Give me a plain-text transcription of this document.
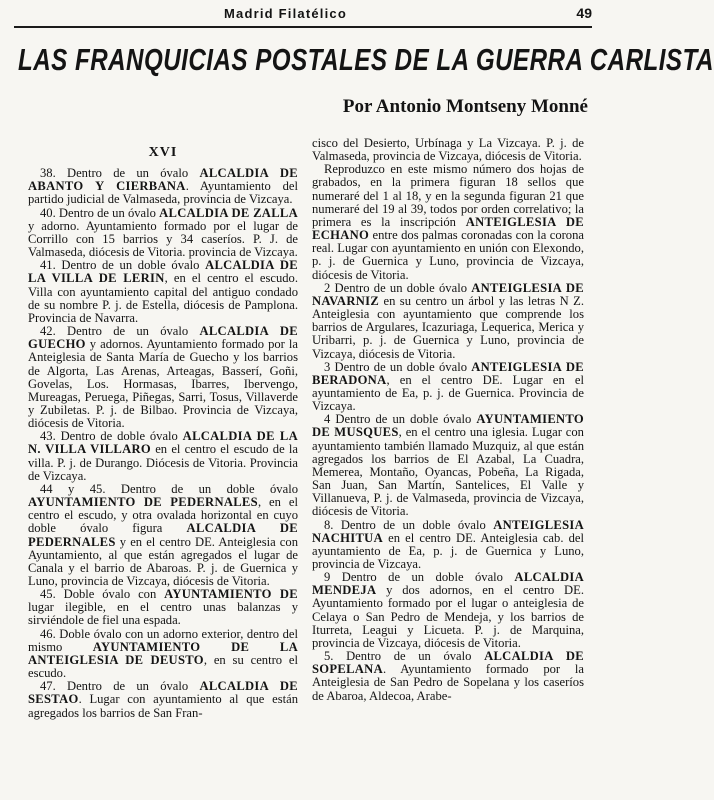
Madrid Filatélico	49
LAS FRANQUICIAS POSTALES DE LA GUERRA CARLISTA
Por Antonio Montseny Monné
XVI

38. Dentro de un óvalo ALCALDIA DE ABANTO Y CIERBANA. Ayuntamiento del partido judicial de Valmaseda, provincia de Vizcaya.

40. Dentro de un óvalo ALCALDIA DE ZALLA y adorno. Ayuntamiento formado por el lugar de Corrillo con 15 barrios y 34 caseríos. P. J. de Valmaseda, diócesis de Vitoria. provincia de Vizcaya.

41. Dentro de un doble óvalo ALCALDIA DE LA VILLA DE LERIN, en el centro el escudo. Villa con ayuntamiento capital del antiguo condado de su nombre P. j. de Estella, diócesis de Pamplona. Provincia de Navarra.

42. Dentro de un óvalo ALCALDIA DE GUECHO y adornos. Ayuntamiento formado por la Anteiglesia de Santa María de Guecho y los barrios de Algorta, Las Arenas, Arteagas, Basserí, Goñi, Govelas, Los. Hormasas, Ibarres, Ibervengo, Mureagas, Peruega, Piñegas, Sarri, Tosus, Villaverde y Zubiletas. P. j. de Bilbao. Provincia de Vizcaya, diócesis de Vitoria.

43. Dentro de doble óvalo ALCALDIA DE LA N. VILLA VILLARO en el centro el escudo de la villa. P. j. de Durango. Diócesis de Vitoria. Provincia de Vizcaya.

44 y 45. Dentro de un doble óvalo AYUNTAMIENTO DE PEDERNALES, en el centro el escudo, y otra ovalada horizontal en cuyo doble óvalo figura ALCALDIA DE PEDERNALES y en el centro DE. Anteiglesia con Ayuntamiento, al que están agregados el lugar de Canala y el barrio de Abaroas. P. j. de Guernica y Luno, provincia de Vizcaya, diócesis de Vitoria.

45. Doble óvalo con AYUNTAMIENTO DE lugar ilegible, en el centro unas balanzas y sirviéndole de fiel una espada.

46. Doble óvalo con un adorno exterior, dentro del mismo AYUNTAMIENTO DE LA ANTEIGLESIA DE DEUSTO, en su centro el escudo.

47. Dentro de un óvalo ALCALDIA DE SESTAO. Lugar con ayuntamiento al que están agregados los barrios de San Fran-

cisco del Desierto, Urbínaga y La Vizcaya. P. j. de Valmaseda, provincia de Vizcaya, diócesis de Vitoria.

Reproduzco en este mismo número dos hojas de grabados, en la primera figuran 18 sellos que numeraré del 1 al 18, y en la segunda figuran 21 que numeraré del 19 al 39, todos por orden correlativo; la primera es la inscripción ANTEIGLESIA DE ECHANO entre dos palmas coronadas con la corona real. Lugar con ayuntamiento en unión con Elexondo, p. j. de Guernica y Luno, provincia de Vizcaya, diócesis de Vitoria.

2 Dentro de un doble óvalo ANTEIGLESIA DE NAVARNIZ en su centro un árbol y las letras N Z. Anteiglesia con ayuntamiento que comprende los barrios de Argulares, Icazuriaga, Lequerica, Merica y Uribarri, p. j. de Guernica y Luno, provincia de Vizcaya, diócesis de Vitoria.

3 Dentro de un doble óvalo ANTEIGLESIA DE BERADONA, en el centro DE. Lugar en el ayuntamiento de Ea, p. j. de Guernica. Provincia de Vizcaya.

4 Dentro de un doble óvalo AYUNTAMIENTO DE MUSQUES, en el centro una iglesia. Lugar con ayuntamiento también llamado Muzquiz, al que están agregados los barrios de El Azabal, La Cuadra, Memerea, Montaño, Oyancas, Pobeña, La Rigada, San Juan, San Martín, Santelices, El Valle y Villanueva, P. j. de Valmaseda, provincia de Vizcaya, diócesis de Vitoria.

8. Dentro de un doble óvalo ANTEIGLESIA NACHITUA en el centro DE. Anteiglesia cab. del ayuntamiento de Ea, p. j. de Guernica y Luno, provincia de Vizcaya.

9 Dentro de un doble óvalo ALCALDIA MENDEJA y dos adornos, en el centro DE. Ayuntamiento formado por el lugar o anteiglesia de Celaya o San Pedro de Mendeja, y los barrios de Iturreta, Leagui y Licueta. P. j. de Marquina, provincia de Vizcaya, diócesis de Vitoria.

5. Dentro de un óvalo ALCALDIA DE SOPELANA. Ayuntamiento formado por la Anteiglesia de San Pedro de Sopelana y los caseríos de Abaroa, Aldecoa, Arabe-
